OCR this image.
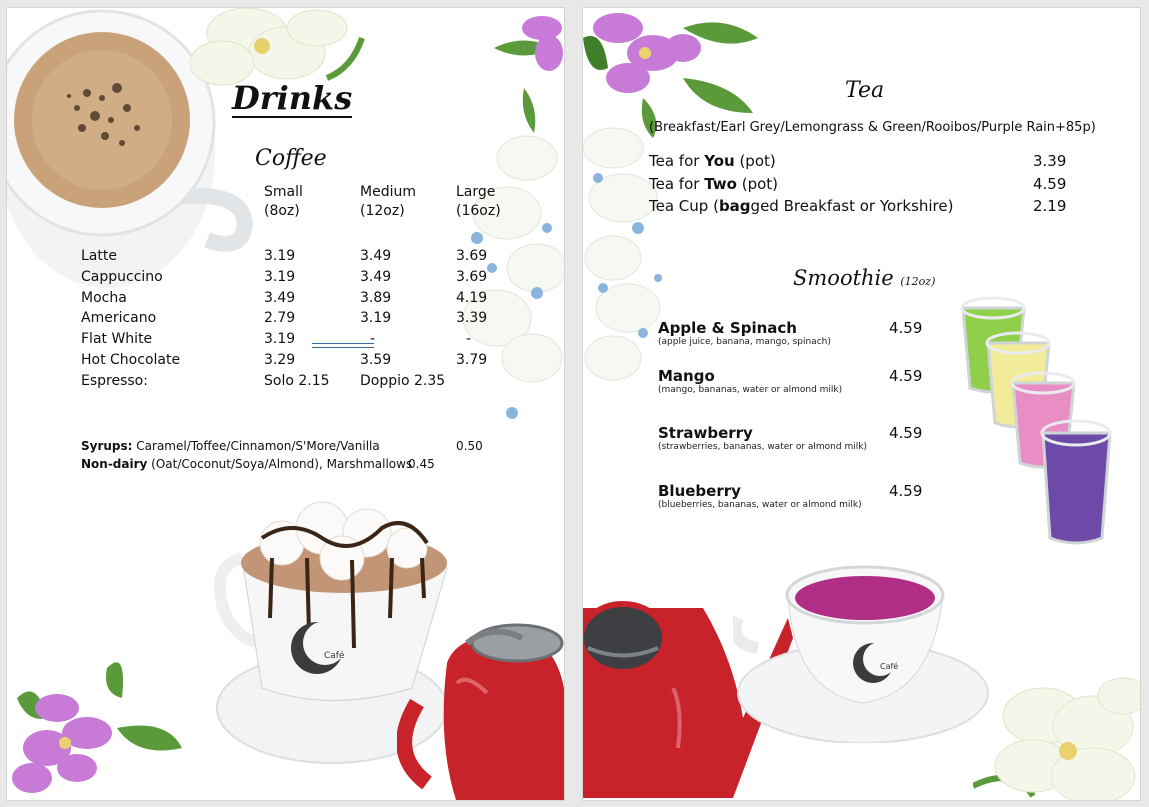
Drinks
Coffee
Small
(8oz)
Medium
(12oz)
Large
(16oz)
Latte
Cappuccino
Mocha
Americano
Flat White
Hot Chocolate
Espresso:
3.19
3.19
3.49
2.79
3.19
3.29
Solo 2.15
3.49
3.49
3.89
3.19
-
3.59
Doppio 2.35
3.69
3.69
4.19
3.39
-
3.79
Syrups: Caramel/Toffee/Cinnamon/S'More/Vanilla	0.50
Non-dairy (Oat/Coconut/Soya/Almond), Marshmallows
0.45
Café
Tea
(Breakfast/Earl Grey/Lemongrass & Green/Rooibos/Purple Rain+85p)
Tea for You (pot)
Tea for Two (pot)
Tea Cup (bagged Breakfast or Yorkshire)
3.39
4.59
2.19
Smoothie (12oz)
Apple & Spinach
(apple juice, banana, mango, spinach)
4.59
Mango
(mango, bananas, water or almond milk)
4.59
Strawberry
(strawberries, bananas, water or almond milk)
4.59
Blueberry
(blueberries, bananas, water or almond milk)
4.59
Café
